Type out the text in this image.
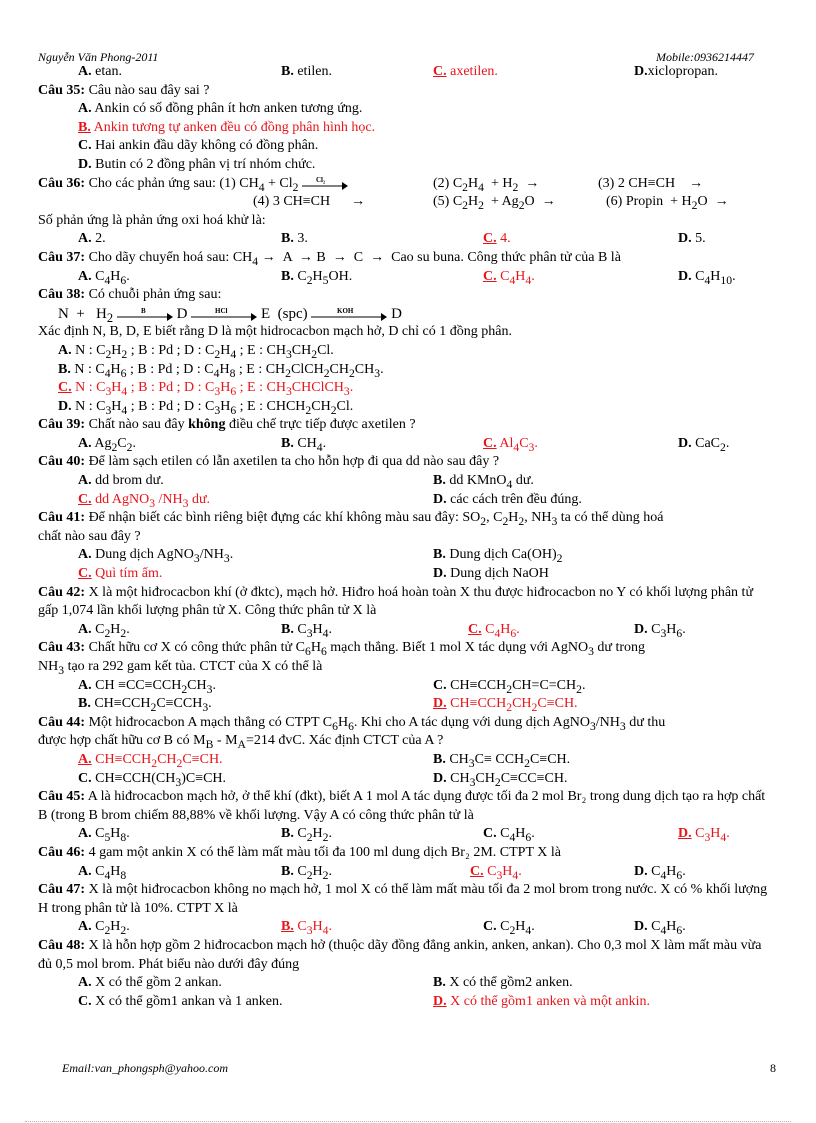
Nguyễn Văn Phong-2011	Mobile:0936214447
A. etan.	B. etilen.	C. axetilen.	D.xiclopropan.
Câu 35: Câu nào sau đây sai ?
A. Ankin có số đồng phân ít hơn anken tương ứng.
B. Ankin tương tự anken đều có đồng phân hình học.
C. Hai ankin đầu dãy không có đồng phân.
D. Butin có 2 đồng phân vị trí nhóm chức.
Câu 36: Cho các phản ứng sau: (1) $CH_4 + Cl_2$
Cl₂	(2) $C_2H_4 + H_2$  →	(3) 2 CH≡CH    →
(4) 3 CH≡CH      →	(5) $C_2H_2 + Ag_2O$  →	(6) Propin  + $H_2O$  →
Số phản ứng là phản ứng oxi hoá khử là:
A. 2.	B. 3.	C. 4.	D. 5.
Câu 37: Cho dãy chuyển hoá sau: $CH_4 \to A \to B \to C$  →  Cao su buna. Công thức phân tử của B là
A. $C_4H_6$.	B. $C_2H_5OH$.	C. $C_4H_4$.	D. $C_4H_{10}$.
Câu 38: Có chuỗi phản ứng sau:
$N + H_2$	B D	HCl E  (spc)	KOH D
Xác định N, B, D, E biết rằng D là một hidrocacbon mạch hở, D chỉ có 1 đồng phân.
A. N : $C_2H_2$ ; B : Pd ; D : $C_2H_4$ ; E : $CH_3CH_2Cl$.
B. N : $C_4H_6$ ; B : Pd ; D : $C_4H_8$ ; E : $CH_2ClCH_2CH_2CH_3$.
C. N : $C_3H_4$ ; B : Pd ; D : $C_3H_6$ ; E : $CH_3CHClCH_3$.
D. N : $C_3H_4$ ; B : Pd ; D : $C_3H_6$ ; E : $CHCH_2CH_2Cl$.
Câu 39: Chất nào sau đây không điều chế trực tiếp được axetilen ?
A. $Ag_2C_2$.	B. $CH_4$.	C. $Al_4C_3$.	D. CaC$_2$.
Câu 40: Để làm sạch etilen có lẫn axetilen ta cho hỗn hợp đi qua dd nào sau đây ?
A. dd brom dư.	B. dd KMnO$_4$ dư.
C. dd AgNO$_3$ $/NH_3$ dư.	D. các cách trên đều đúng.
Câu 41: Để nhận biết các bình riêng biệt đựng các khí không màu sau đây: $SO_2$, $C_2H_2$, $NH_3$ ta có thể dùng hoá
chất nào sau đây ?
A. Dung dịch $AgNO_3/NH_3$.	B. Dung dịch $Ca(OH)_2$
C. Quì tím ẩm.	D. Dung dịch NaOH
Câu 42: X là một hiđrocacbon khí (ở đktc), mạch hở. Hiđro hoá hoàn toàn X thu được hiđrocacbon no Y có khối lượng phân tử gấp 1,074 lần khối lượng phân tử X. Công thức phân tử X là
A. $C_2H_2$.	B. $C_3H_4$.	C. $C_4H_6$.	D. $C_3H_6$.
Câu 43: Chất hữu cơ X có công thức phân tử $C_6H_6$ mạch thẳng. Biết 1 mol X tác dụng với AgNO$_3$ dư trong
$NH_3$ tạo ra 292 gam kết tủa. CTCT của X có thể là
A. CH $\equiv CC\equiv CCH_2CH_3$.	C. $CH\equiv CCH_2CH=C=CH_2$.
B. $CH\equiv CCH_2C\equiv CCH_3$.	D. $CH\equiv CCH_2CH_2C\equiv CH$.
Câu 44: Một hiđrocacbon A mạch thẳng có CTPT $C_6H_6$. Khi cho A tác dụng với dung dịch $AgNO_3/NH_3$ dư thu
được hợp chất hữu cơ B có $M_B - M_A=214$ đvC. Xác định CTCT của A ?
A. $CH\equiv CCH_2CH_2C\equiv CH$.	B. $CH_3C\equiv CCH_2C\equiv CH$.
C. $CH\equiv CCH(CH_3)C\equiv CH$.	D. $CH_3CH_2C\equiv CC\equiv CH$.
Câu 45: A là hiđrocacbon mạch hở, ở thể khí (đkt), biết A 1 mol A tác dụng được tối đa 2 mol Br₂ trong dung dịch tạo ra hợp chất B (trong B brom chiếm 88,88% về khối lượng. Vậy A có công thức phân tử là
A. $C_5H_8$.	B. $C_2H_2$.	C. $C_4H_6$.	D. $C_3H_4$.
Câu 46: 4 gam một ankin X có thể làm mất màu tối đa 100 ml dung dịch Br₂ 2M. CTPT X là
A. $C_4H_8$	B. $C_2H_2$.	C. $C_3H_4$.	D. $C_4H_6$.
Câu 47: X là một hiđrocacbon không no mạch hở, 1 mol X có thể làm mất màu tối đa 2 mol brom trong nước. X có % khối lượng H trong phân tử là 10%. CTPT X là
A. $C_2H_2$.	B. $C_3H_4$.	C. $C_2H_4$.	D. $C_4H_6$.
Câu 48: X là hỗn hợp gồm 2 hiđrocacbon mạch hở (thuộc dãy đồng đẳng ankin, anken, ankan). Cho 0,3 mol X làm mất màu vừa đủ 0,5 mol brom. Phát biểu nào dưới đây đúng
A. X có thể gồm 2 ankan.	B. X có thể gồm2 anken.
C. X có thể gồm1 ankan và 1 anken.	D. X có thể gồm1 anken và một ankin.
Email:van_phongsph@yahoo.com	8
